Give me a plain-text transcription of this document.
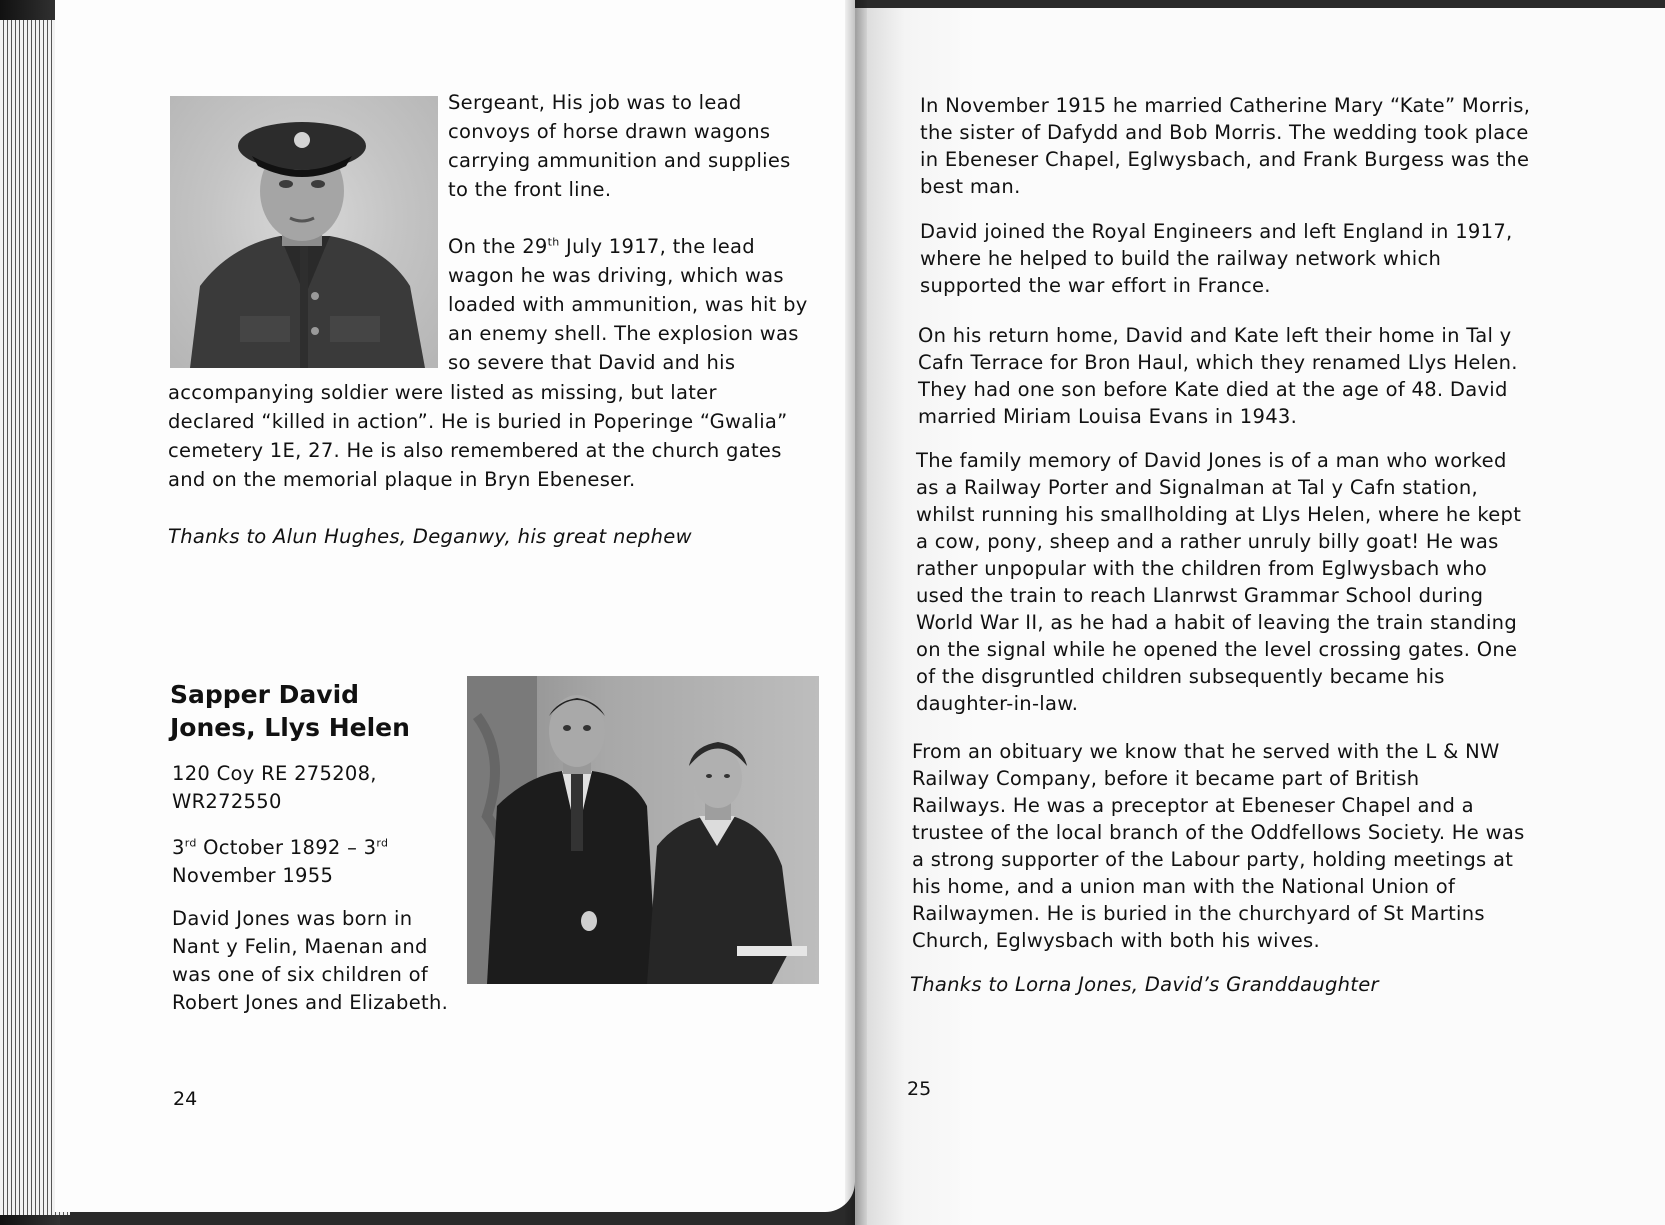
Sergeant, His job was to lead

convoys of horse drawn wagons

carrying ammunition and supplies

to the front line.

On the 29th July 1917, the lead

wagon he was driving, which was

loaded with ammunition, was hit by

an enemy shell. The explosion was

so severe that David and his

accompanying soldier were listed as missing, but later

declared “killed in action”. He is buried in Poperinge “Gwalia”

cemetery 1E, 27. He is also remembered at the church gates

and on the memorial plaque in Bryn Ebeneser.

Thanks to Alun Hughes, Deganwy, his great nephew

Sapper David

Jones, Llys Helen

120 Coy RE 275208,

WR272550

3rd October 1892 – 3rd

November 1955

David Jones was born in

Nant y Felin, Maenan and

was one of six children of

Robert Jones and Elizabeth.

24

In November 1915 he married Catherine Mary “Kate” Morris,

the sister of Dafydd and Bob Morris. The wedding took place

in Ebeneser Chapel, Eglwysbach, and Frank Burgess was the

best man.

David joined the Royal Engineers and left England in 1917,

where he helped to build the railway network which

supported the war effort in France.

On his return home, David and Kate left their home in Tal y

Cafn Terrace for Bron Haul, which they renamed Llys Helen.

They had one son before Kate died at the age of 48. David

married Miriam Louisa Evans in 1943.

The family memory of David Jones is of a man who worked

as a Railway Porter and Signalman at Tal y Cafn station,

whilst running his smallholding at Llys Helen, where he kept

a cow, pony, sheep and a rather unruly billy goat! He was

rather unpopular with the children from Eglwysbach who

used the train to reach Llanrwst Grammar School during

World War II, as he had a habit of leaving the train standing

on the signal while he opened the level crossing gates. One

of the disgruntled children subsequently became his

daughter-in-law.

From an obituary we know that he served with the L & NW

Railway Company, before it became part of British

Railways. He was a preceptor at Ebeneser Chapel and a

trustee of the local branch of the Oddfellows Society. He was

a strong supporter of the Labour party, holding meetings at

his home, and a union man with the National Union of

Railwaymen. He is buried in the churchyard of St Martins

Church, Eglwysbach with both his wives.

Thanks to Lorna Jones, David’s Granddaughter
25
